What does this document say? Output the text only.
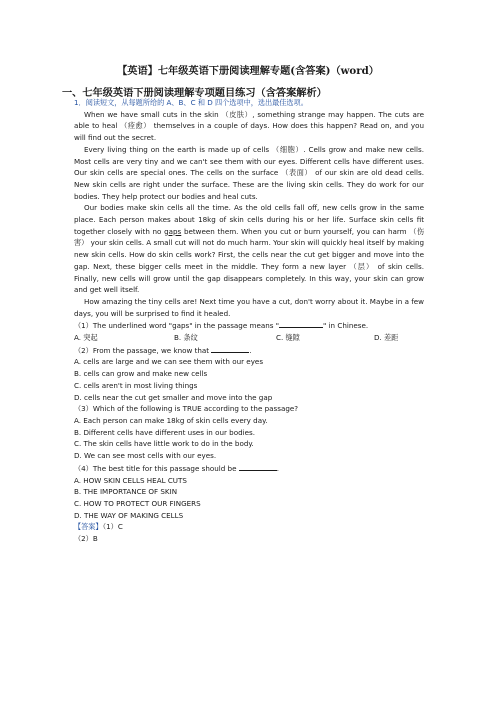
【英语】七年级英语下册阅读理解专题(含答案)（word）
一、七年级英语下册阅读理解专项题目练习（含答案解析）

1．阅读短文，从每题所给的 A、B、C 和 D 四个选项中，选出最佳选项。

When we have small cuts in the skin （皮肤）, something strange may happen. The cuts are able to heal （痊愈） themselves in a couple of days. How does this happen? Read on, and you will find out the secret.

Every living thing on the earth is made up of cells （细胞）. Cells grow and make new cells. Most cells are very tiny and we can't see them with our eyes. Different cells have different uses. Our skin cells are special ones. The cells on the surface （表面） of our skin are old dead cells. New skin cells are right under the surface. These are the living skin cells. They do work for our bodies. They help protect our bodies and heal cuts.

Our bodies make skin cells all the time. As the old cells fall off, new cells grow in the same place. Each person makes about 18kg of skin cells during his or her life. Surface skin cells fit together closely with no gaps between them. When you cut or burn yourself, you can harm （伤害） your skin cells. A small cut will not do much harm. Your skin will quickly heal itself by making new skin cells. How do skin cells work? First, the cells near the cut get bigger and move into the gap. Next, these bigger cells meet in the middle. They form a new layer （层） of skin cells. Finally, new cells will grow until the gap disappears completely. In this way, your skin can grow and get well itself.

How amazing the tiny cells are! Next time you have a cut, don't worry about it. Maybe in a few days, you will be surprised to find it healed.

（1）The underlined word "gaps" in the passage means "	" in Chinese.

A. 突起	B. 条纹	C. 缝隙	D. 差距

（2）From the passage, we know that	.

A. cells are large and we can see them with our eyes

B. cells can grow and make new cells

C. cells aren't in most living things

D. cells near the cut get smaller and move into the gap

（3）Which of the following is TRUE according to the passage?

A. Each person can make 18kg of skin cells every day.

B. Different cells have different uses in our bodies.

C. The skin cells have little work to do in the body.

D. We can see most cells with our eyes.

（4）The best title for this passage should be	.

A. HOW SKIN CELLS HEAL CUTS

B. THE IMPORTANCE OF SKIN

C. HOW TO PROTECT OUR FINGERS

D. THE WAY OF MAKING CELLS

【答案】（1）C

（2）B
